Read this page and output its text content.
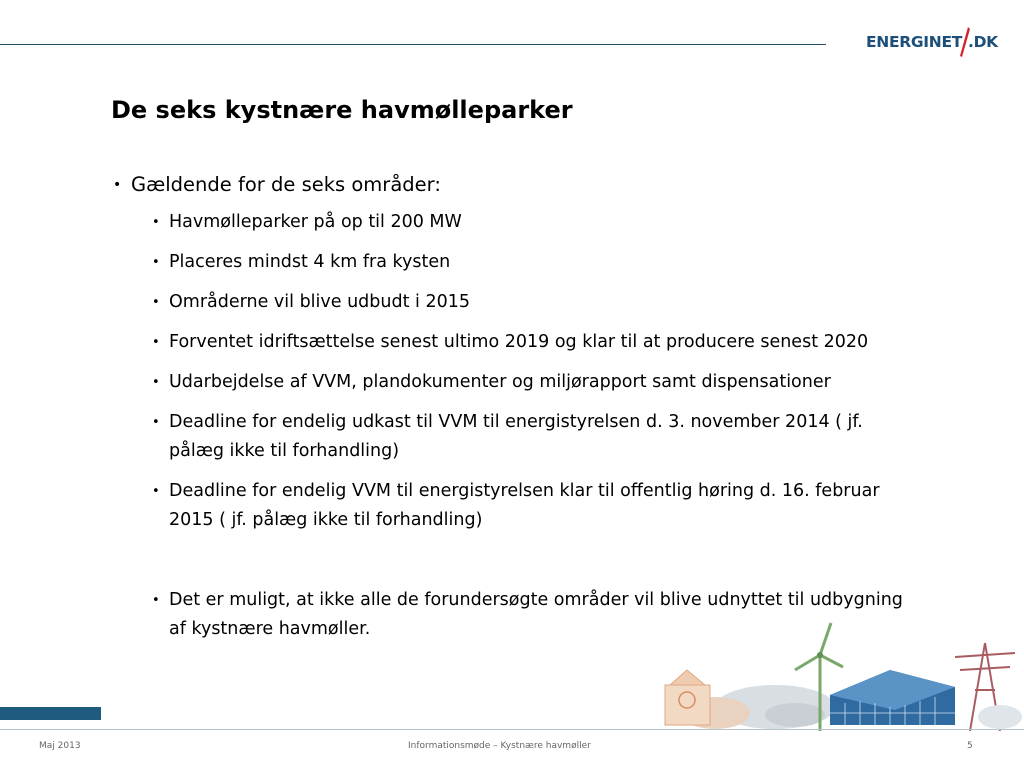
ENERGINET .DK
De seks kystnære havmølleparker

• Gældende for de seks områder:

• Havmølleparker på op til 200 MW

• Placeres mindst 4 km fra kysten

• Områderne vil blive udbudt i 2015

• Forventet idriftsættelse senest ultimo 2019 og klar til at producere senest 2020

• Udarbejdelse af VVM, plandokumenter og miljørapport samt dispensationer

• Deadline for endelig udkast til VVM til energistyrelsen d. 3. november 2014 ( jf. pålæg ikke til forhandling)

• Deadline for endelig VVM til energistyrelsen klar til offentlig høring d. 16. februar 2015 ( jf. pålæg ikke til forhandling)

• Det er muligt, at ikke alle de forundersøgte områder vil blive udnyttet til udbygning af kystnære havmøller.

Maj 2013	Informationsmøde – Kystnære havmøller	5
